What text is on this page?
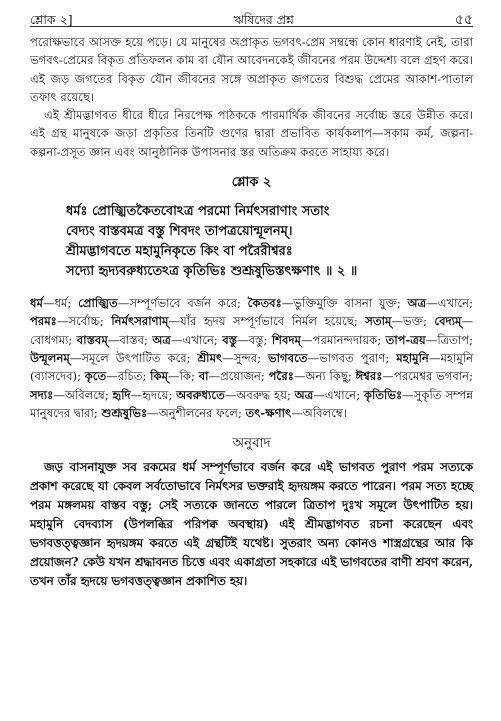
শ্লোক ২]	ঋষিদের প্রশ্ন	৫৫

পরোক্ষভাবে আসক্ত হয়ে পড়ে। যে মানুষের অপ্রাকৃত ভগবৎ-প্রেম সম্বন্ধে কোন ধারণাই নেই, তারা ভগবৎ-প্রেমের বিকৃত প্রতিফলন কাম বা যৌন আবেদনকেই জীবনের পরম উদ্দেশ্য বলে গ্রহণ করে। এই জড় জগতের বিকৃত যৌন জীবনের সঙ্গে অপ্রাকৃত জগতের বিশুদ্ধ প্রেমের আকাশ-পাতাল তফাৎ রয়েছে।

এই শ্রীমদ্ভাগবত ধীরে ধীরে নিরপেক্ষ পাঠককে পারমার্থিক জীবনের সর্বোচ্চ স্তরে উন্নীত করে। এই গ্রন্থ মানুষকে জড়া প্রকৃতির তিনটি গুণের দ্বারা প্রভাবিত কার্যকলাপ—সকাম কর্ম, জল্পনা-কল্পনা-প্রসূত জ্ঞান এবং আনুষ্ঠানিক উপাসনার স্তর অতিক্রম করতে সাহায্য করে।

শ্লোক ২
ধর্মঃ প্রোজ্ঝিতকৈতবোঽত্র পরমো নির্মৎসরাণাং সতাং
বেদ্যং বাস্তবমত্র বস্তু শিবদং তাপত্রয়োন্মূলনম্।
শ্রীমদ্ভাগবতে মহামুনিকৃতে কিং বা পরৈরীশ্বরঃ
সদ্যো হৃদ্যবরুধ্যতেঽত্র কৃতিভিঃ শুশ্রূষুভিস্তৎক্ষণাৎ ॥ ২ ॥
ধর্ম—ধর্ম; প্রোজ্ঝিত—সম্পূর্ণভাবে বর্জন করে; কৈতবঃ—ভুক্তিমুক্তি বাসনা যুক্ত; অত্র—এখানে; পরমঃ—সর্বোচ্চ; নির্মৎসরাণাম্—যাঁর হৃদয় সম্পূর্ণভাবে নির্মল হয়েছে; সতাম্—ভক্ত; বেদ্যম্—বোধগম্য; বাস্তবম্—বাস্তব; অত্র—এখানে; বস্তু—বস্তু; শিবদম্—পরমানন্দদায়ক; তাপ-ত্রয়—ত্রিতাপ; উন্মূলনম্—সমূলে উৎপাটিত করে; শ্রীমৎ—সুন্দর; ভাগবতে—ভাগবত পুরাণ; মহামুনি—মহামুনি (ব্যাসদেব); কৃতে—রচিত; কিম্—কি; বা—প্রয়োজন; পরৈঃ—অন্য কিছু; ঈশ্বরঃ—পরমেশ্বর ভগবান; সদ্যঃ—অবিলম্বে; হৃদি—হৃদয়ে; অবরুধ্যতে—অবরুদ্ধ হয়; অত্র—এখানে; কৃতিভিঃ—সুকৃতি সম্পন্ন মানুষদের দ্বারা; শুশ্রূষুভিঃ—অনুশীলনের ফলে; তৎ-ক্ষণাৎ—অবিলম্বে।
অনুবাদ

জড় বাসনাযুক্ত সব রকমের ধর্ম সম্পূর্ণভাবে বর্জন করে এই ভাগবত পুরাণ পরম সত্যকে প্রকাশ করেছে যা কেবল সর্বতোভাবে নির্মৎসর ভক্তরাই হৃদয়ঙ্গম করতে পারেন। পরম সত্য হচ্ছে পরম মঙ্গলময় বাস্তব বস্তু; সেই সত্যকে জানতে পারলে ত্রিতাপ দুঃখ সমূলে উৎপাটিত হয়। মহামুনি বেদব্যাস (উপলব্ধির পরিপক্ব অবস্থায়) এই শ্রীমদ্ভাগবত রচনা করেছেন এবং ভগবত্তত্ত্বজ্ঞান হৃদয়ঙ্গম করতে এই গ্রন্থটিই যথেষ্ট। সুতরাং অন্য কোনও শাস্ত্রগ্রন্থের আর কি প্রয়োজন? কেউ যখন শ্রদ্ধাবনত চিত্তে এবং একাগ্রতা সহকারে এই ভাগবতের বাণী শ্রবণ করেন, তখন তাঁর হৃদয়ে ভগবত্তত্ত্বজ্ঞান প্রকাশিত হয়।
